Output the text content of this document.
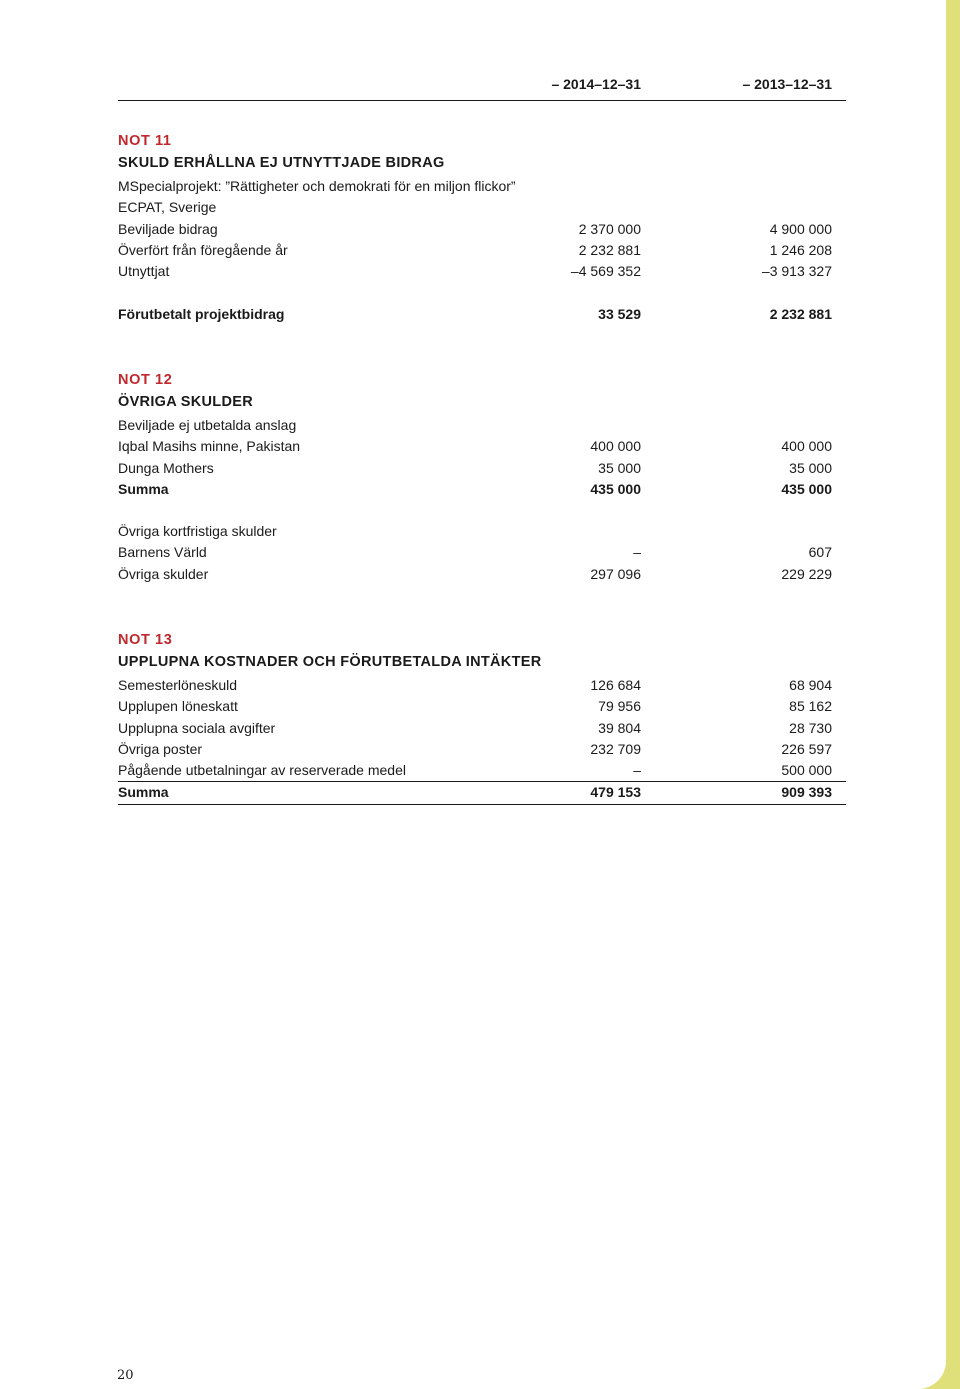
– 2014–12–31	– 2013–12–31
NOT 11
SKULD ERHÅLLNA EJ UTNYTTJADE BIDRAG
MSpecialprojekt: ”Rättigheter och demokrati för en miljon flickor”
ECPAT, Sverige
Beviljade bidrag	2 370 000	4 900 000
Överfört från föregående år	2 232 881	1 246 208
Utnyttjat	–4 569 352	–3 913 327
Förutbetalt projektbidrag	33 529	2 232 881
NOT 12
ÖVRIGA SKULDER
Beviljade ej utbetalda anslag
Iqbal Masihs minne, Pakistan	400 000	400 000
Dunga Mothers	35 000	35 000
Summa	435 000	435 000
Övriga kortfristiga skulder
Barnens Värld	–	607
Övriga skulder	297 096	229 229
NOT 13
UPPLUPNA KOSTNADER OCH FÖRUTBETALDA INTÄKTER
Semesterlöneskuld	126 684	68 904
Upplupen löneskatt	79 956	85 162
Upplupna sociala avgifter	39 804	28 730
Övriga poster	232 709	226 597
Pågående utbetalningar av reserverade medel	–	500 000
Summa	479 153	909 393
20
